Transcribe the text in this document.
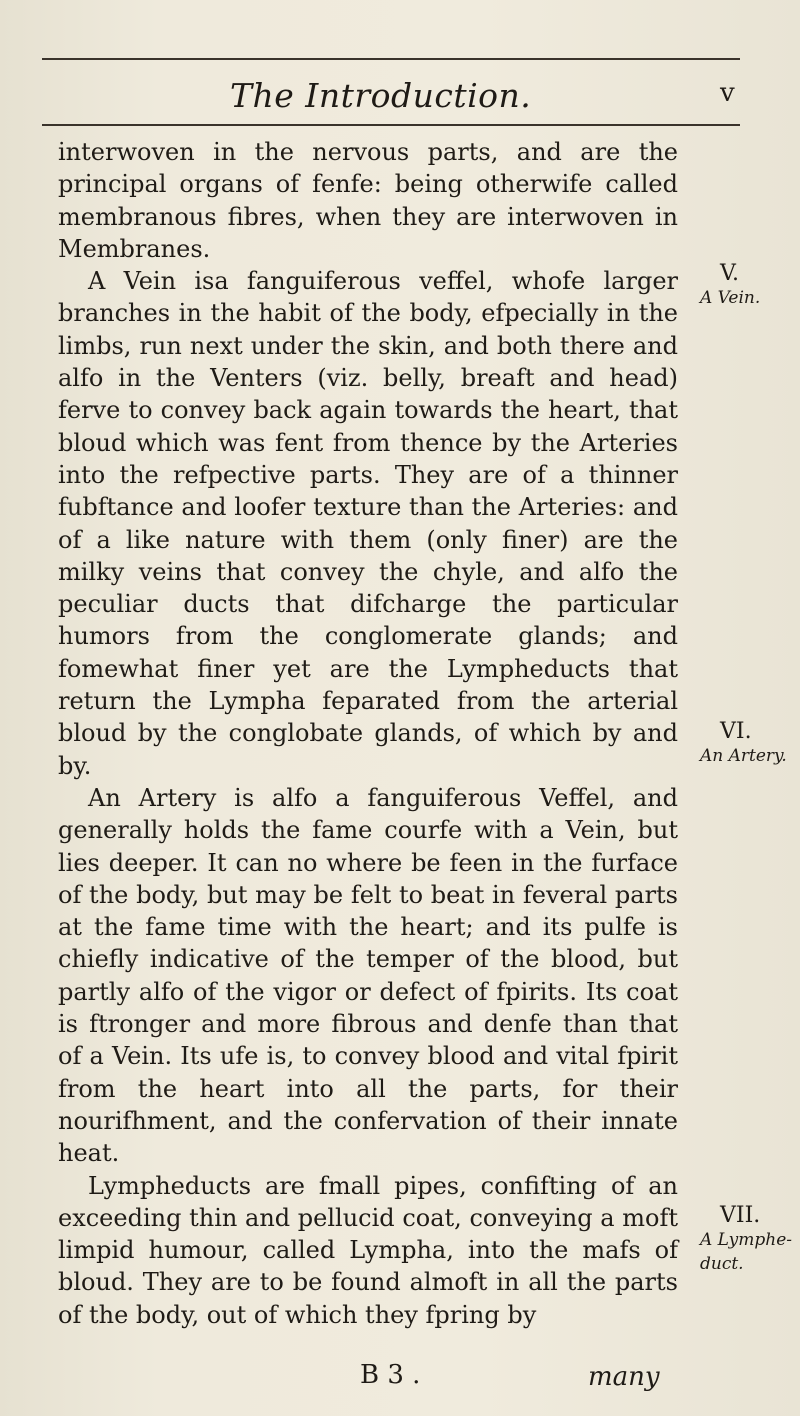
The Introduction.	v

interwoven in the nervous parts, and are the principal organs of fenfe: being otherwife called membranous fibres, when they are interwoven in Membranes.

A Vein isa fanguiferous veffel, whofe larger branches in the habit of the body, efpecially in the limbs, run next under the skin, and both there and alfo in the Venters (viz. belly, breaft and head) ferve to convey back again towards the heart, that bloud which was fent from thence by the Arteries into the refpective parts. They are of a thinner fubftance and loofer texture than the Arteries: and of a like nature with them (only finer) are the milky veins that convey the chyle, and alfo the peculiar ducts that difcharge the particular humors from the conglomerate glands; and fomewhat finer yet are the Lympheducts that return the Lympha feparated from the arterial bloud by the conglobate glands, of which by and by.

An Artery is alfo a fanguiferous Veffel, and generally holds the fame courfe with a Vein, but lies deeper. It can no where be feen in the furface of the body, but may be felt to beat in feveral parts at the fame time with the heart; and its pulfe is chiefly indicative of the temper of the blood, but partly alfo of the vigor or defect of fpirits. Its coat is ftronger and more fibrous and denfe than that of a Vein. Its ufe is, to convey blood and vital fpirit from the heart into all the parts, for their nourifhment, and the confervation of their innate heat.

Lympheducts are fmall pipes, confifting of an exceeding thin and pellucid coat, conveying a moft limpid humour, called Lympha, into the mafs of bloud. They are to be found almoft in all the parts of the body, out of which they fpring by

V.
A Vein.
VI.
An Artery.
VII.
A Lymphe-duct.
B 3 .	many
